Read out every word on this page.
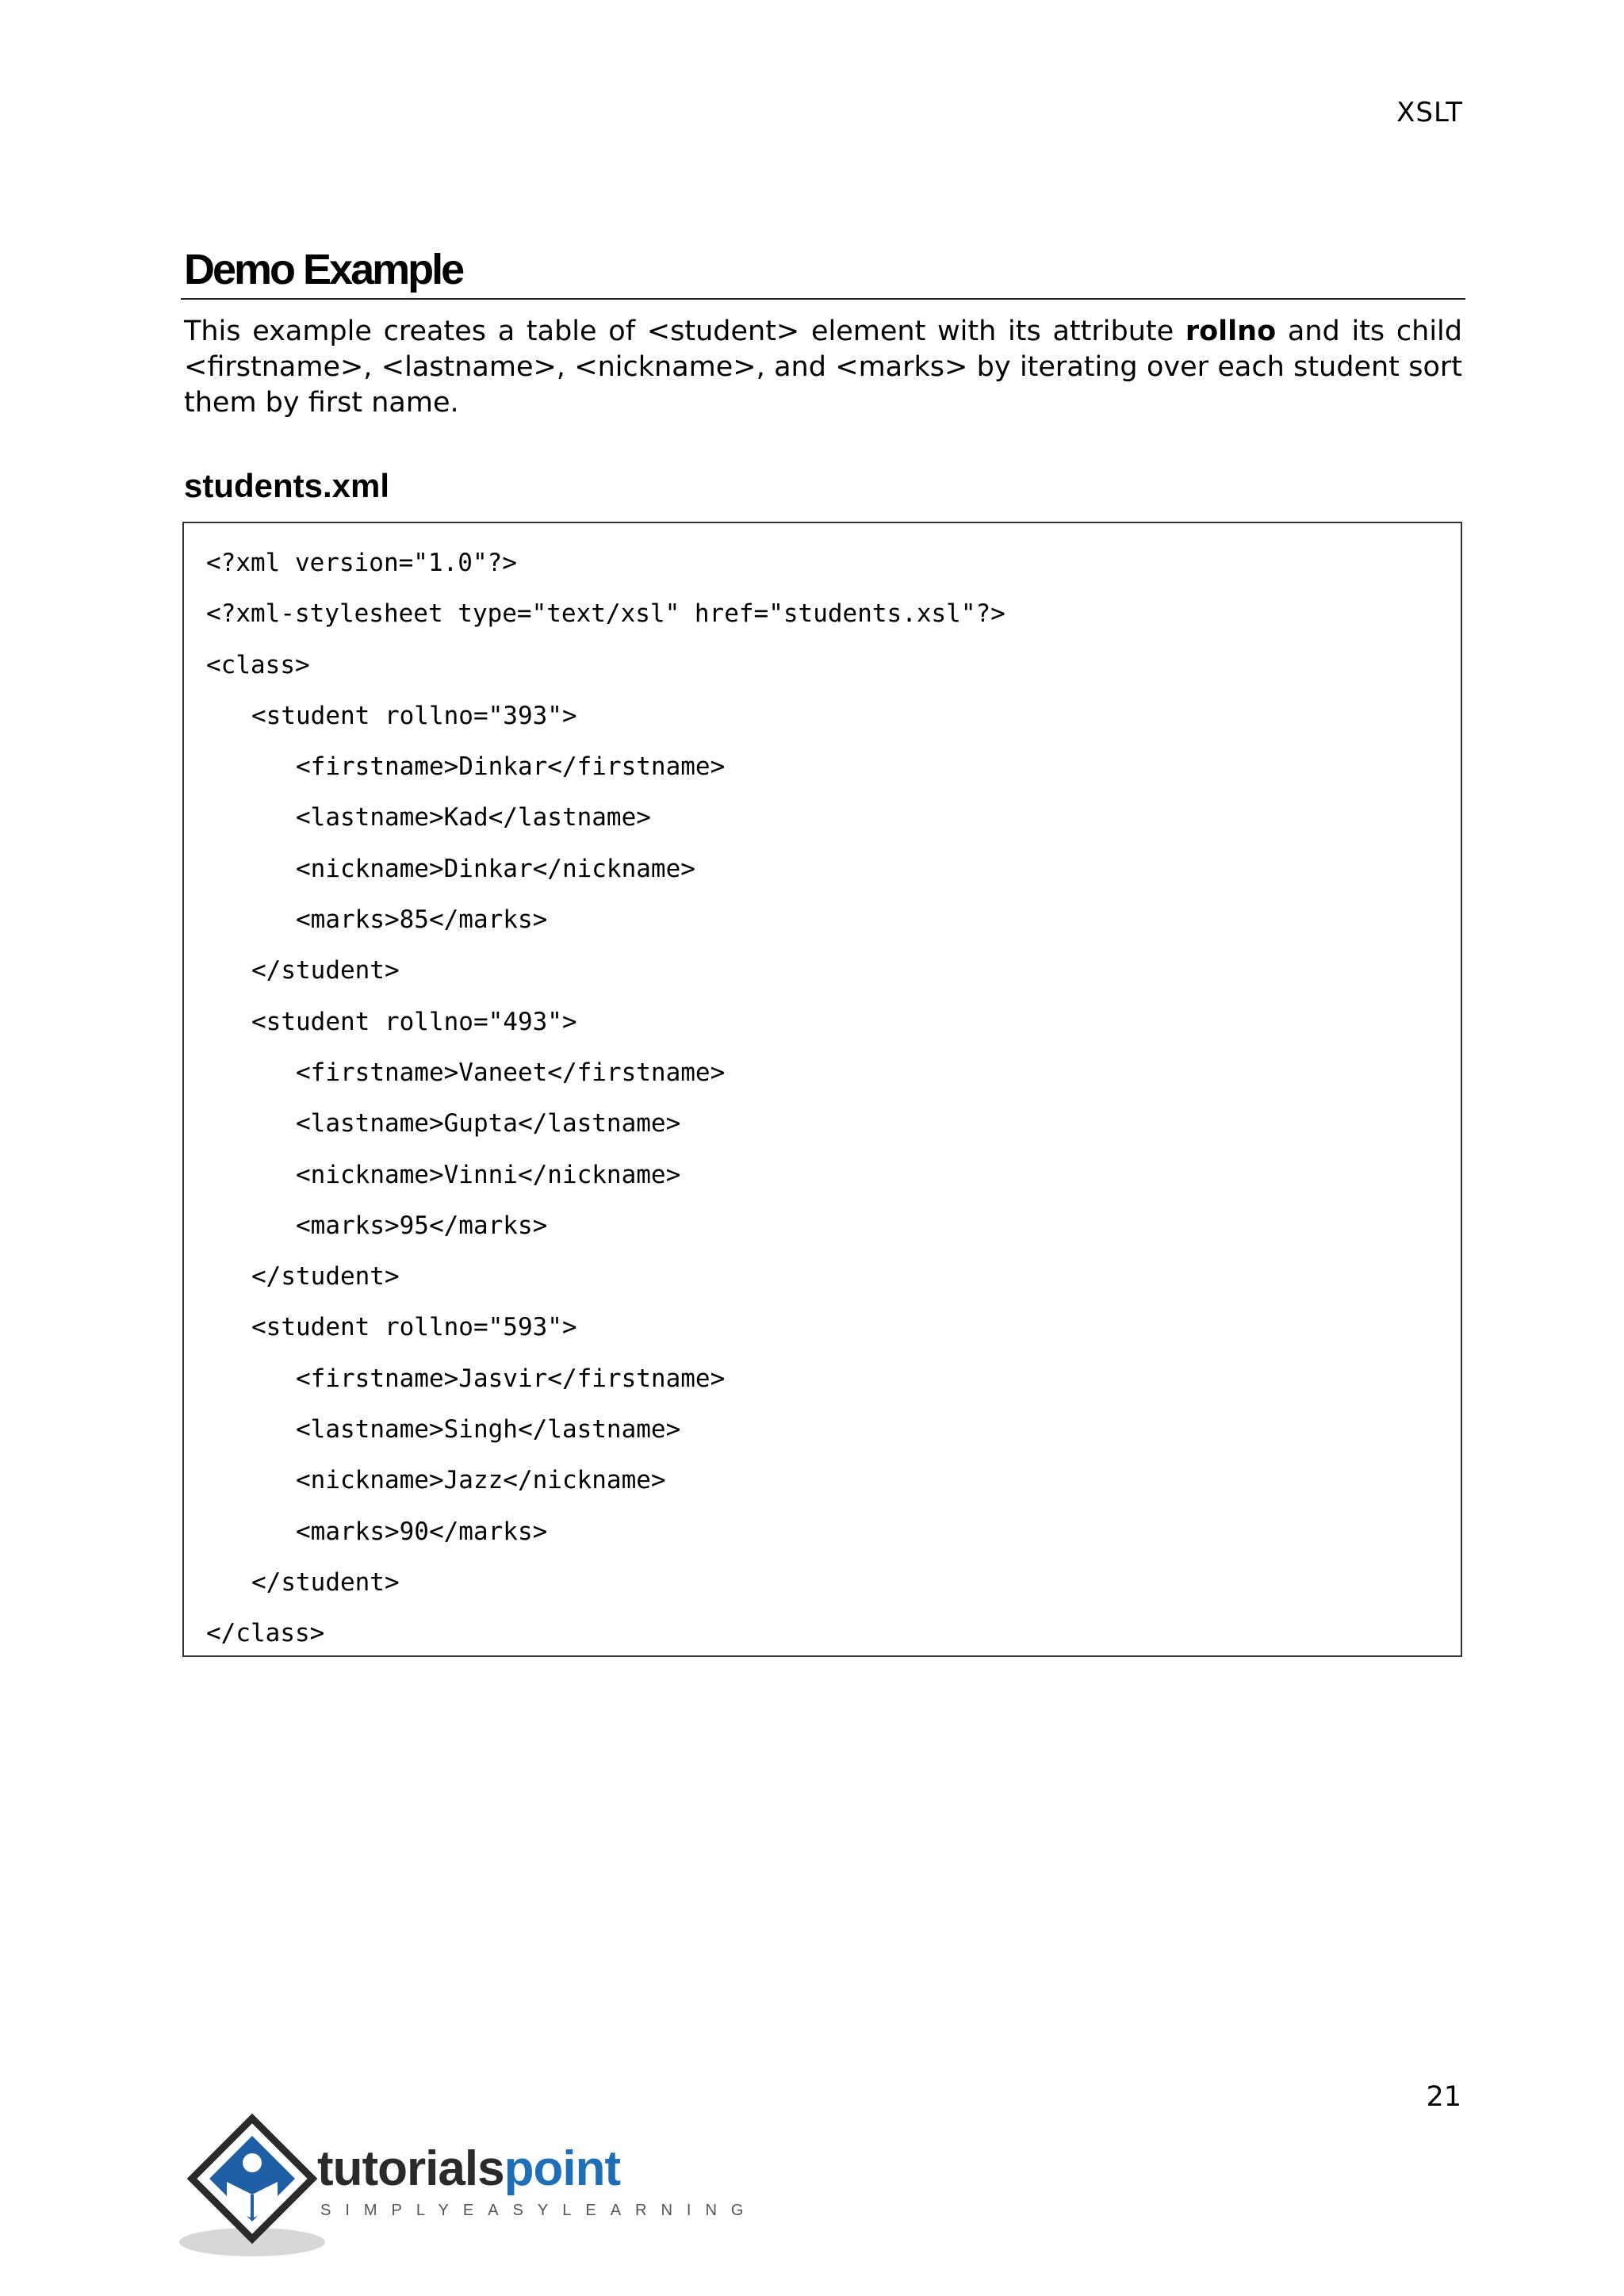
XSLT
Demo Example

This example creates a table of <student> element with its attribute rollno and its child <firstname>, <lastname>, <nickname>, and <marks> by iterating over each student sort them by first name.

students.xml
<?xml version="1.0"?>
<?xml-stylesheet type="text/xsl" href="students.xsl"?>
<class>
<student rollno="393">
<firstname>Dinkar</firstname>
<lastname>Kad</lastname>
<nickname>Dinkar</nickname>
<marks>85</marks>
</student>
<student rollno="493">
<firstname>Vaneet</firstname>
<lastname>Gupta</lastname>
<nickname>Vinni</nickname>
<marks>95</marks>
</student>
<student rollno="593">
<firstname>Jasvir</firstname>
<lastname>Singh</lastname>
<nickname>Jazz</nickname>
<marks>90</marks>
</student>
</class>
21
tutorialspoint
SIMPLYEASYLEARNING
